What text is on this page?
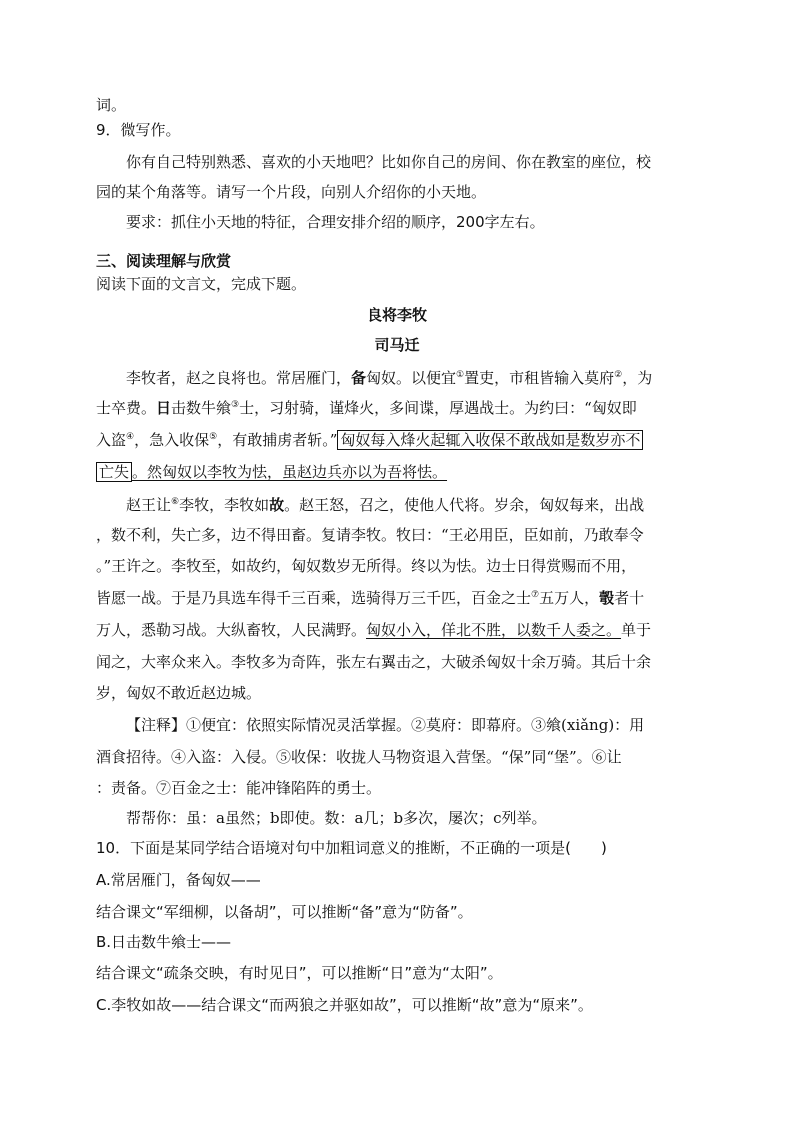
词。
9．微写作。
你有自己特别熟悉、喜欢的小天地吧？比如你自己的房间、你在教室的座位，校
园的某个角落等。请写一个片段，向别人介绍你的小天地。
要求：抓住小天地的特征，合理安排介绍的顺序，200字左右。
三、阅读理解与欣赏
阅读下面的文言文，完成下题。
良将李牧
司马迁
李牧者，赵之良将也。常居雁门，备匈奴。以便宜①置吏，市租皆输入莫府②，为
士卒费。日击数牛飨③士，习射骑，谨烽火，多间谍，厚遇战士。为约曰：“匈奴即
入盗④，急入收保⑤，有敢捕虏者斩。” 匈奴每入烽火起辄入收保不敢战如是数岁亦不
亡失 。然匈奴以李牧为怯，虽赵边兵亦以为吾将怯。
赵王让⑥李牧，李牧如故。赵王怒，召之，使他人代将。岁余，匈奴每来，出战
，数不利，失亡多，边不得田畜。复请李牧。牧曰：“王必用臣，臣如前，乃敢奉令
。”王许之。李牧至，如故约，匈奴数岁无所得。终以为怯。边士日得赏赐而不用，
皆愿一战。于是乃具选车得千三百乘，选骑得万三千匹，百金之士⑦五万人，彀者十
万人，悉勒习战。大纵畜牧，人民满野。匈奴小入，佯北不胜，以数千人委之。单于
闻之，大率众来入。李牧多为奇阵，张左右翼击之，大破杀匈奴十余万骑。其后十余
岁，匈奴不敢近赵边城。
【注释】①便宜：依照实际情况灵活掌握。②莫府：即幕府。③飨(xiǎng)：用
酒食招待。④入盗：入侵。⑤收保：收拢人马物资退入营堡。“保”同“堡”。⑥让
：责备。⑦百金之士：能冲锋陷阵的勇士。
帮帮你：虽：a虽然；b即使。数：a几；b多次，屡次；c列举。
10．下面是某同学结合语境对句中加粗词意义的推断，不正确的一项是(　　)
A.常居雁门，备匈奴——
结合课文“军细柳，以备胡”，可以推断“备”意为“防备”。
B.日击数牛飨士——
结合课文“疏条交映，有时见日”，可以推断“日”意为“太阳”。
C.李牧如故——结合课文“而两狼之并驱如故”，可以推断“故”意为“原来”。
